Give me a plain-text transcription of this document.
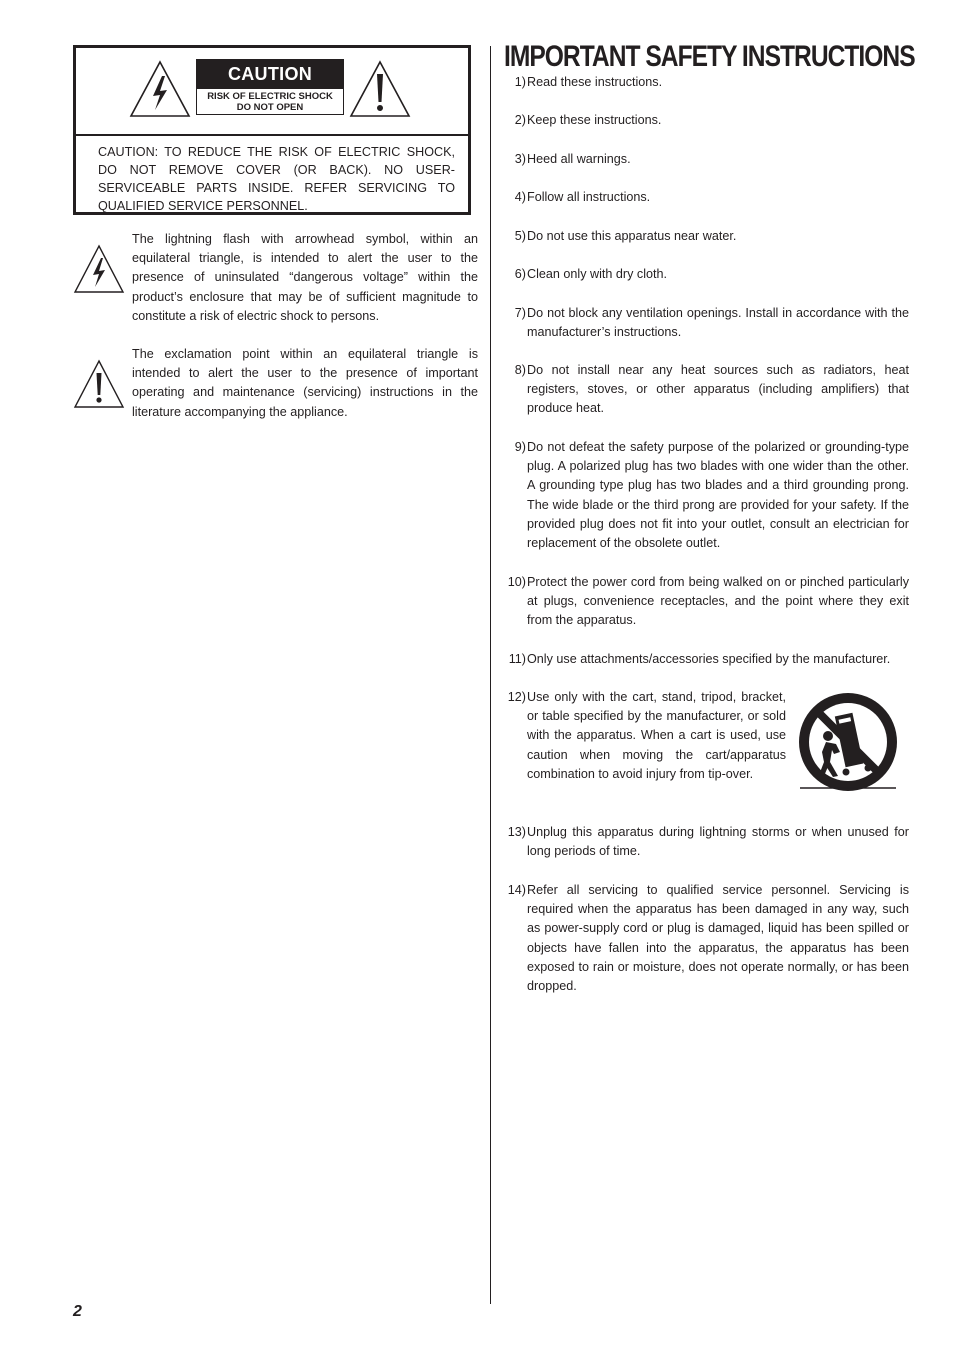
CAUTION
RISK OF ELECTRIC SHOCK
DO NOT OPEN
CAUTION: TO REDUCE THE RISK OF ELECTRIC SHOCK, DO NOT REMOVE COVER (OR BACK). NO USER-SERVICEABLE PARTS INSIDE. REFER SERVICING TO QUALIFIED SERVICE PERSONNEL.

The lightning flash with arrowhead symbol, within an equilateral triangle, is intended to alert the user to the presence of uninsulated “dangerous voltage” within the product’s enclosure that may be of sufficient magnitude to constitute a risk of electric shock to persons.

The exclamation point within an equilateral triangle is intended to alert the user to the presence of important operating and maintenance (servicing) instructions in the literature accompanying the appliance.

IMPORTANT SAFETY INSTRUCTIONS
1) Read these instructions.
2) Keep these instructions.
3) Heed all warnings.
4) Follow all instructions.
5) Do not use this apparatus near water.
6) Clean only with dry cloth.
7) Do not block any ventilation openings. Install in accordance with the manufacturer’s instructions.
8) Do not install near any heat sources such as radiators, heat registers, stoves, or other apparatus (including amplifiers) that produce heat.
9) Do not defeat the safety purpose of the polarized or grounding-type plug. A polarized plug has two blades with one wider than the other. A grounding type plug has two blades and a third grounding prong. The wide blade or the third prong are provided for your safety. If the provided plug does not fit into your outlet, consult an electrician for replacement of the obsolete outlet.
10) Protect the power cord from being walked on or pinched particularly at plugs, convenience receptacles, and the point where they exit from the apparatus.
11) Only use attachments/accessories specified by the manufacturer.
12) Use only with the cart, stand, tripod, bracket, or table specified by the manufacturer, or sold with the apparatus. When a cart is used, use caution when moving the cart/apparatus combination to avoid injury from tip-over.
13) Unplug this apparatus during lightning storms or when unused for long periods of time.
14) Refer all servicing to qualified service personnel. Servicing is required when the apparatus has been damaged in any way, such as power-supply cord or plug is damaged, liquid has been spilled or objects have fallen into the apparatus, the apparatus has been exposed to rain or moisture, does not operate normally, or has been dropped.
2
